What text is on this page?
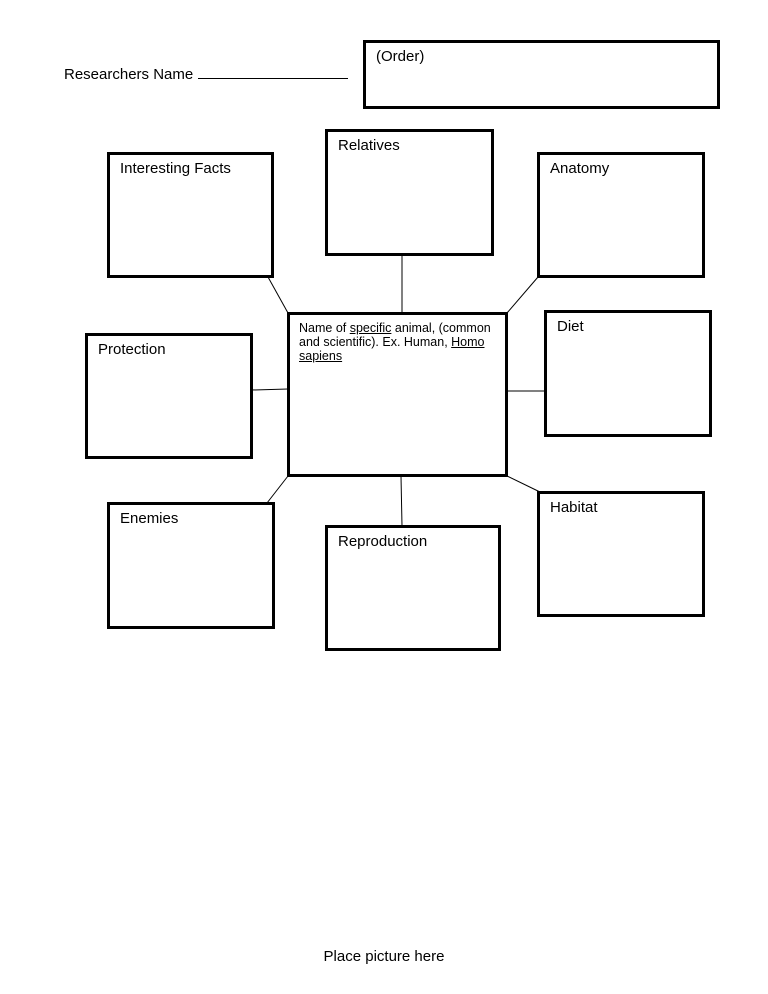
Researchers Name
(Order)
Interesting Facts
Relatives
Anatomy
Protection
Name of specific animal, (common and scientific). Ex. Human, Homo sapiens
Diet
Enemies
Reproduction
Habitat
Place picture here
